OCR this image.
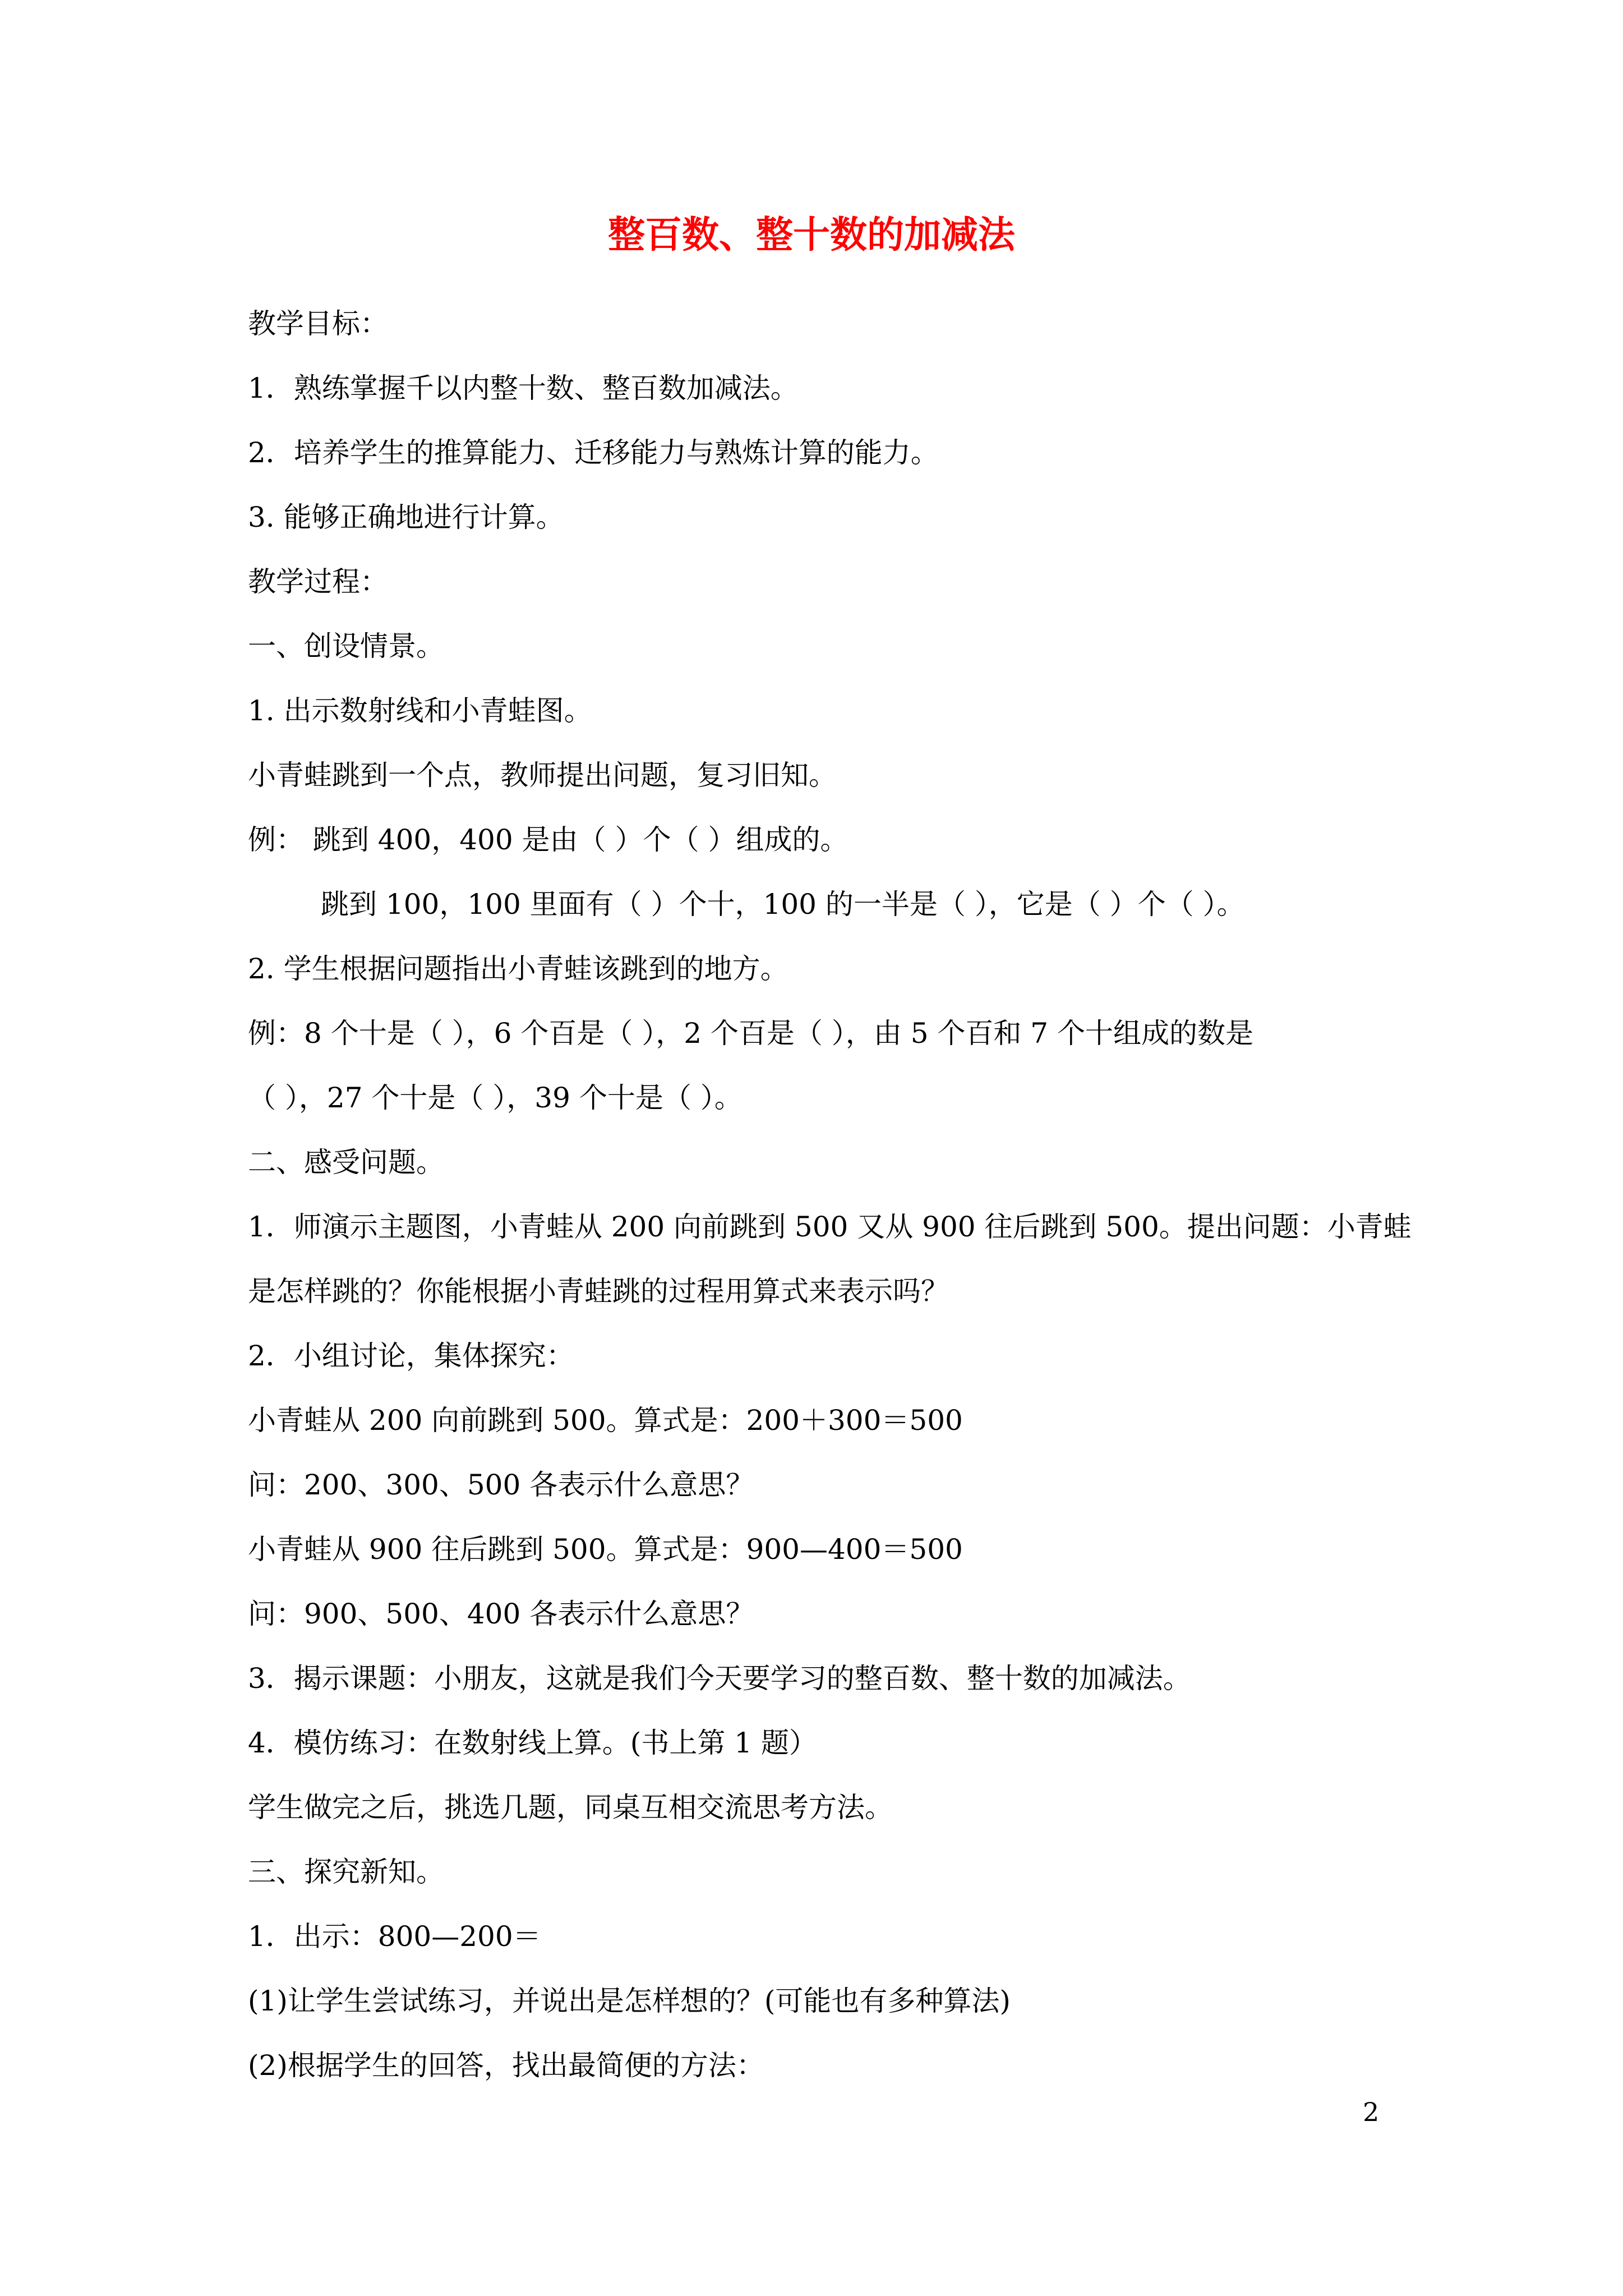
整百数、整十数的加减法

教学目标：

1．熟练掌握千以内整十数、整百数加减法。

2．培养学生的推算能力、迁移能力与熟炼计算的能力。

3. 能够正确地进行计算。

教学过程：

一、创设情景。

1. 出示数射线和小青蛙图。

小青蛙跳到一个点，教师提出问题，复习旧知。

例： 跳到 400，400 是由（ ）个（ ）组成的。

跳到 100，100 里面有（ ）个十，100 的一半是（ ），它是（ ）个（ ）。

2. 学生根据问题指出小青蛙该跳到的地方。

例：8 个十是（ ），6 个百是（ ），2 个百是（ ），由 5 个百和 7 个十组成的数是

（ ），27 个十是（ ），39 个十是（ ）。

二、感受问题。

1．师演示主题图，小青蛙从 200 向前跳到 500 又从 900 往后跳到 500。提出问题：小青蛙

是怎样跳的？你能根据小青蛙跳的过程用算式来表示吗？

2．小组讨论，集体探究：

小青蛙从 200 向前跳到 500。算式是：200＋300＝500

问：200、300、500 各表示什么意思？

小青蛙从 900 往后跳到 500。算式是：900—400＝500

问：900、500、400 各表示什么意思？

3．揭示课题：小朋友，这就是我们今天要学习的整百数、整十数的加减法。

4．模仿练习：在数射线上算。(书上第 1 题）

学生做完之后，挑选几题，同桌互相交流思考方法。

三、探究新知。

1．出示：800—200＝

(1)让学生尝试练习，并说出是怎样想的？(可能也有多种算法)

(2)根据学生的回答，找出最简便的方法：

2
